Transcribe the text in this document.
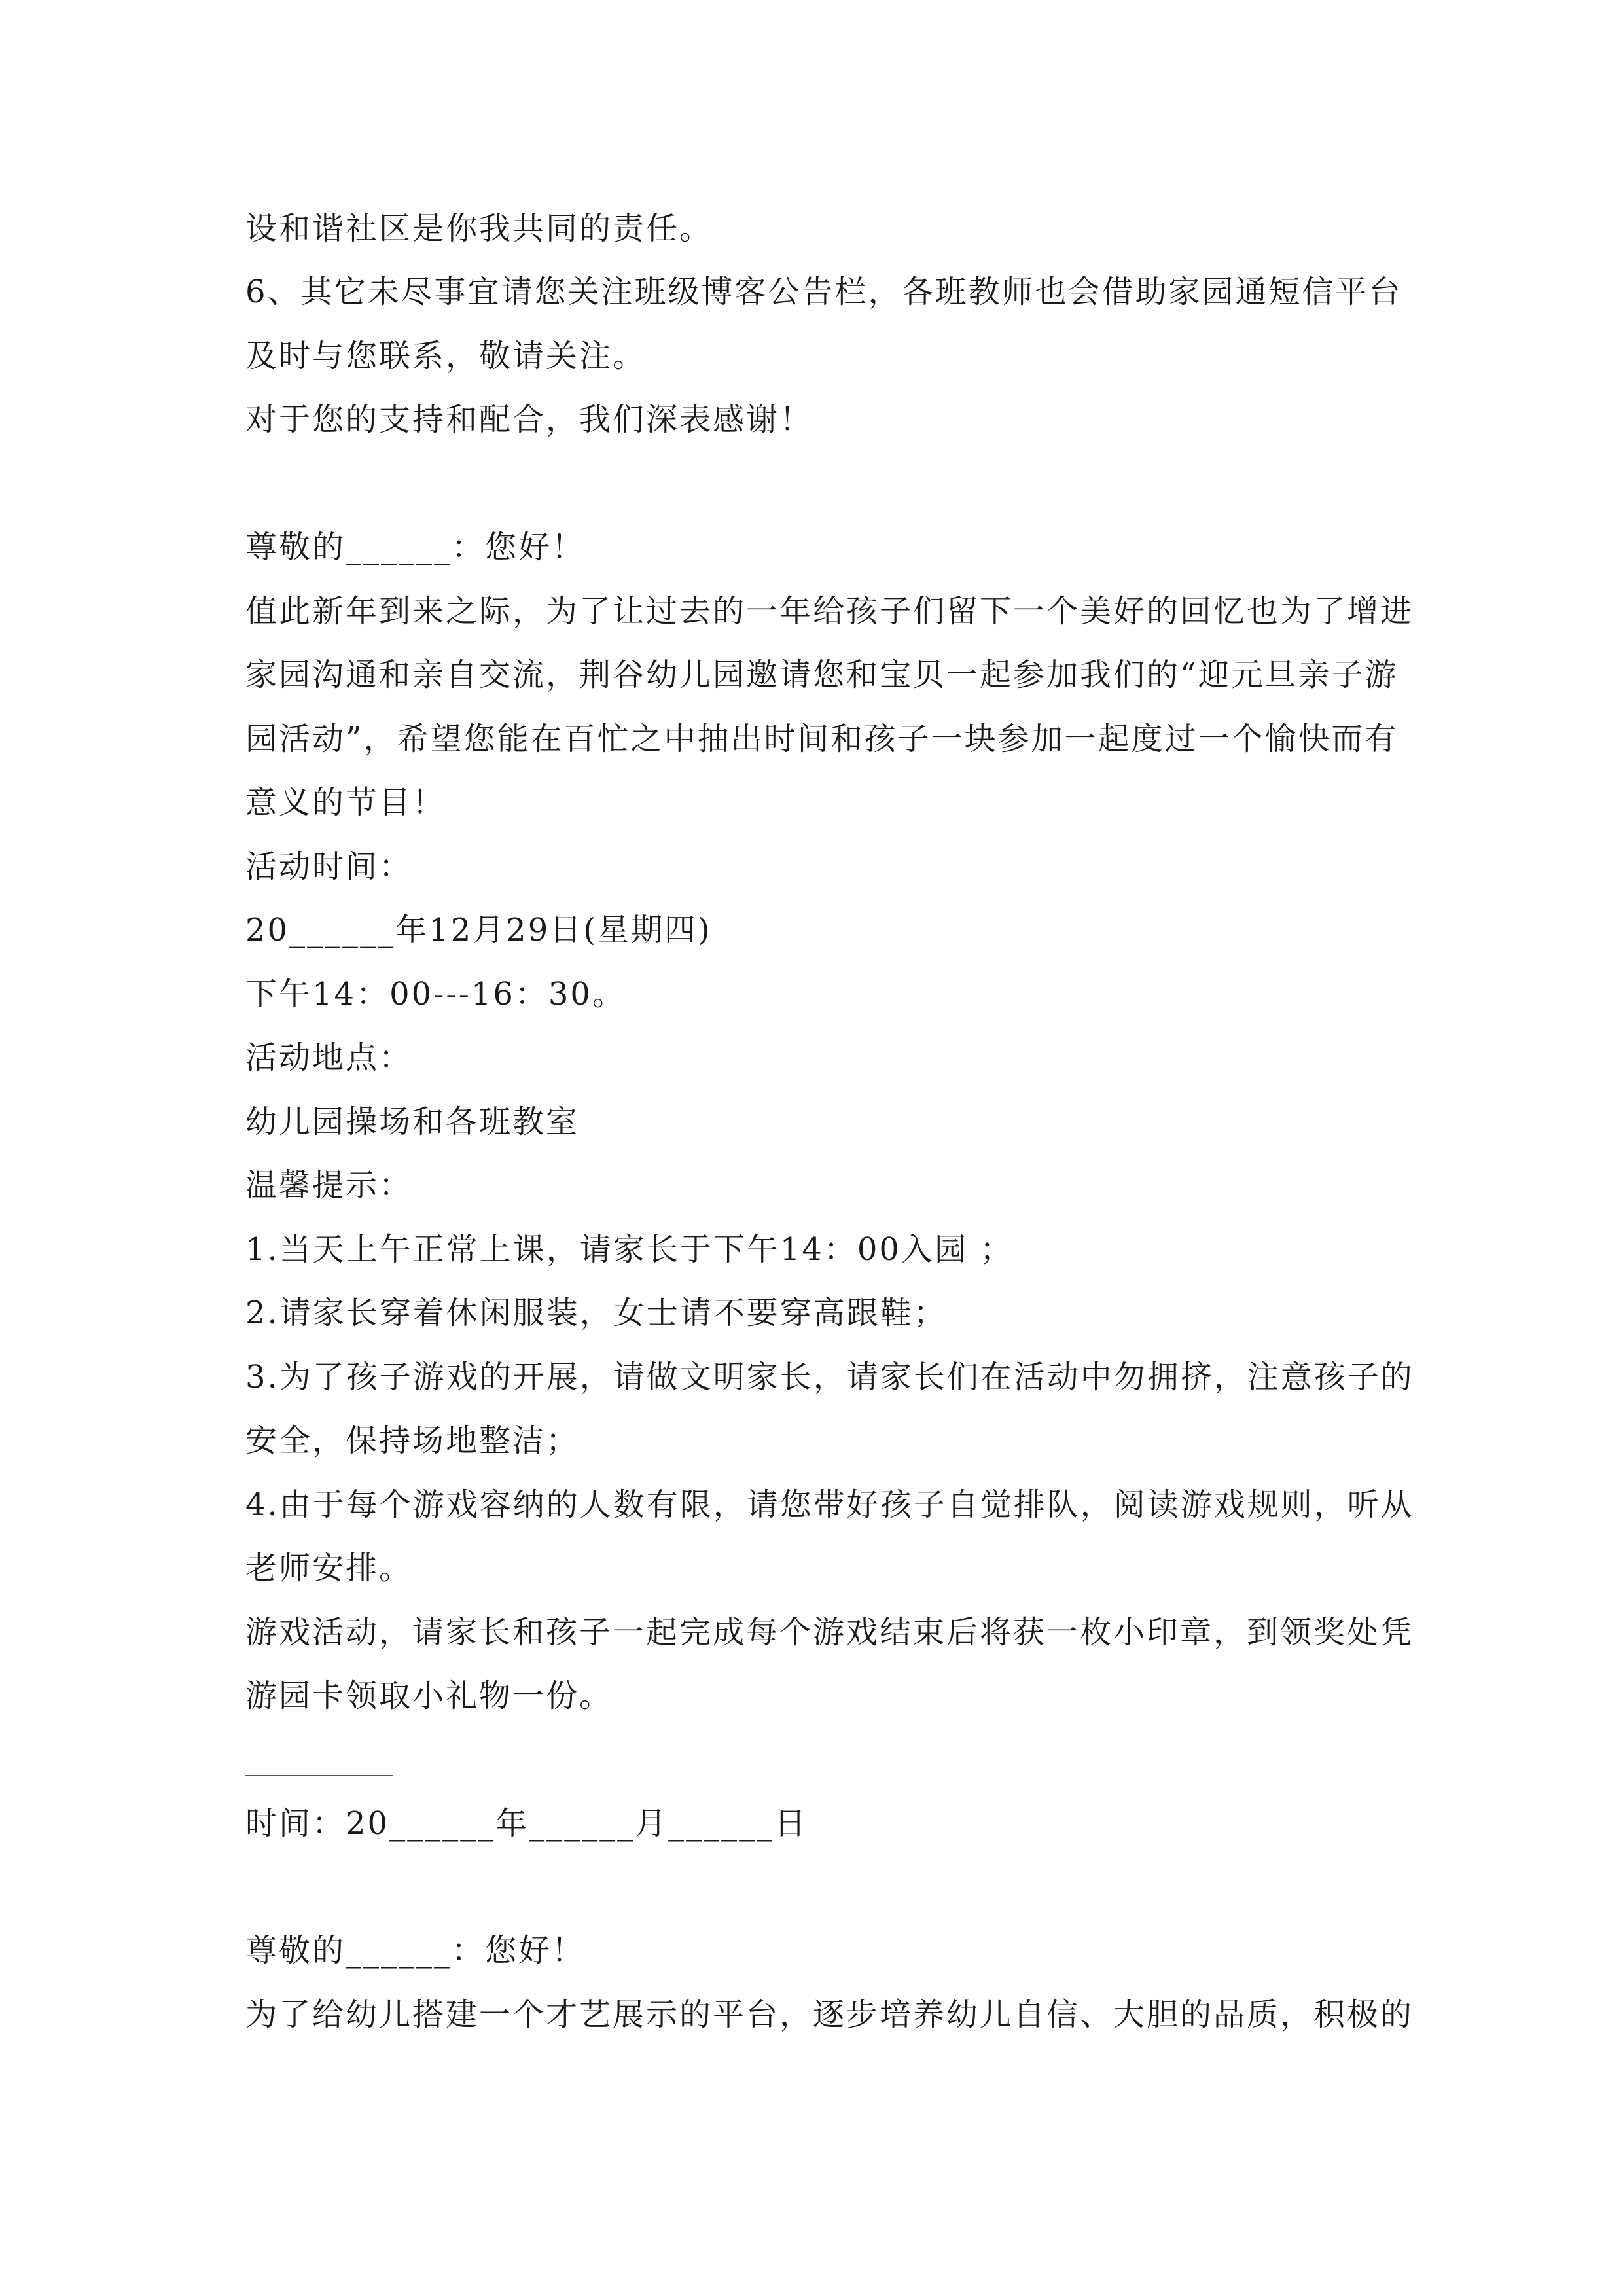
设和谐社区是你我共同的责任。
6、其它未尽事宜请您关注班级博客公告栏，各班教师也会借助家园通短信平台
及时与您联系，敬请关注。
对于您的支持和配合，我们深表感谢！
尊敬的______：您好！
值此新年到来之际，为了让过去的一年给孩子们留下一个美好的回忆也为了增进
家园沟通和亲自交流，荆谷幼儿园邀请您和宝贝一起参加我们的“迎元旦亲子游
园活动”，希望您能在百忙之中抽出时间和孩子一块参加一起度过一个愉快而有
意义的节目！
活动时间：
20______年12月29日(星期四)
下午14：00---16：30。
活动地点：
幼儿园操场和各班教室
温馨提示：
1.当天上午正常上课，请家长于下午14：00入园 ；
2.请家长穿着休闲服装，女士请不要穿高跟鞋；
3.为了孩子游戏的开展，请做文明家长，请家长们在活动中勿拥挤，注意孩子的
安全，保持场地整洁；
4.由于每个游戏容纳的人数有限，请您带好孩子自觉排队，阅读游戏规则，听从
老师安排。
游戏活动，请家长和孩子一起完成每个游戏结束后将获一枚小印章，到领奖处凭
游园卡领取小礼物一份。
时间：20______年______月______日
尊敬的______：您好！
为了给幼儿搭建一个才艺展示的平台，逐步培养幼儿自信、大胆的品质，积极的
